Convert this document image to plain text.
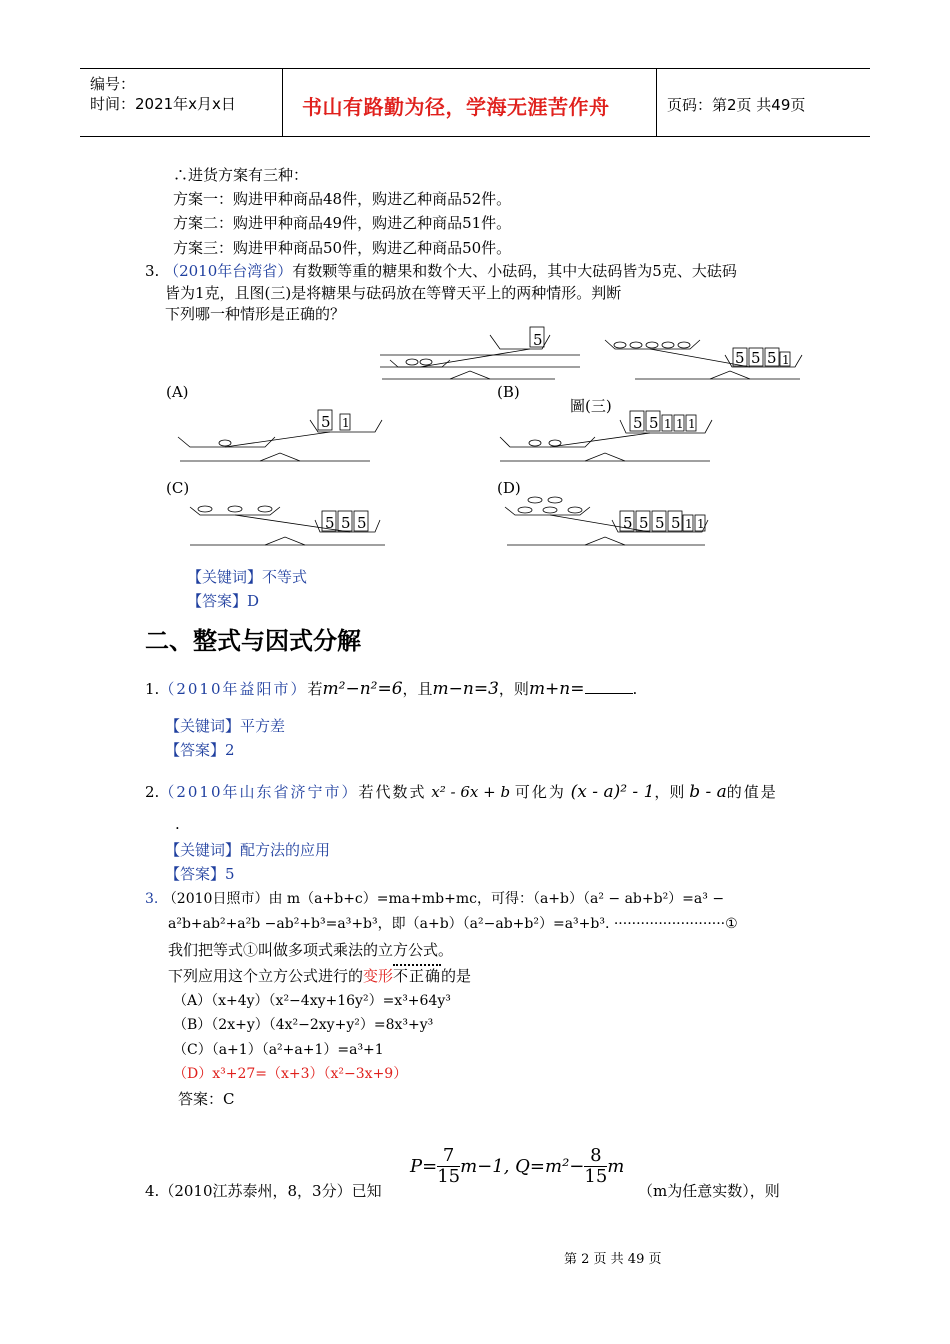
编号：
时间：2021年x月x日	书山有路勤为径，学海无涯苦作舟	页码：第2页 共49页
∴进货方案有三种：
方案一：购进甲种商品48件，购进乙种商品52件。
方案二：购进甲种商品49件，购进乙种商品51件。
方案三：购进甲种商品50件，购进乙种商品50件。
3. （2010年台湾省）有数颗等重的糖果和数个大、小砝码，其中大砝码皆为5克、大砝码
皆为1克，且图(三)是将糖果与砝码放在等臂天平上的两种情形。判断
下列哪一种情形是正确的？
5
5 5 5 1
5 1	5 5 1 1 1
5 5 5	5 5 5 5 1 1
(A)	(B)
圖(三)
(C)	(D)
【关键词】不等式
【答案】D
二、整式与因式分解
1.（2010年益阳市）若m²−n²=6，且m−n=3，则m+n=	.
【关键词】平方差
【答案】2
2.（2010年山东省济宁市）若代数式 x² - 6x + b 可化为 (x - a)² - 1，则 b - a的值是
.
【关键词】配方法的应用
【答案】5
3. （2010日照市）由 m（a+b+c）=ma+mb+mc，可得：（a+b）（a² − ab+b²）=a³ −
a²b+ab²+a²b −ab²+b³=a³+b³，即（a+b）（a²−ab+b²）=a³+b³. ·························①
我们把等式①叫做多项式乘法的立方公式。
下列应用这个立方公式进行的变形不正确的是
（A）（x+4y）（x²−4xy+16y²）=x³+64y³
（B）（2x+y）（4x²−2xy+y²）=8x³+y³
（C）（a+1）（a²+a+1）=a³+1
（D）x³+27=（x+3）（x²−3x+9）
答案：C
$P= \frac{7}{15} m-1$, $Q=m^2- \frac{8}{15}$ m
4.（2010江苏泰州，8，3分）已知	（m为任意实数），则
第 2 页 共 49 页
